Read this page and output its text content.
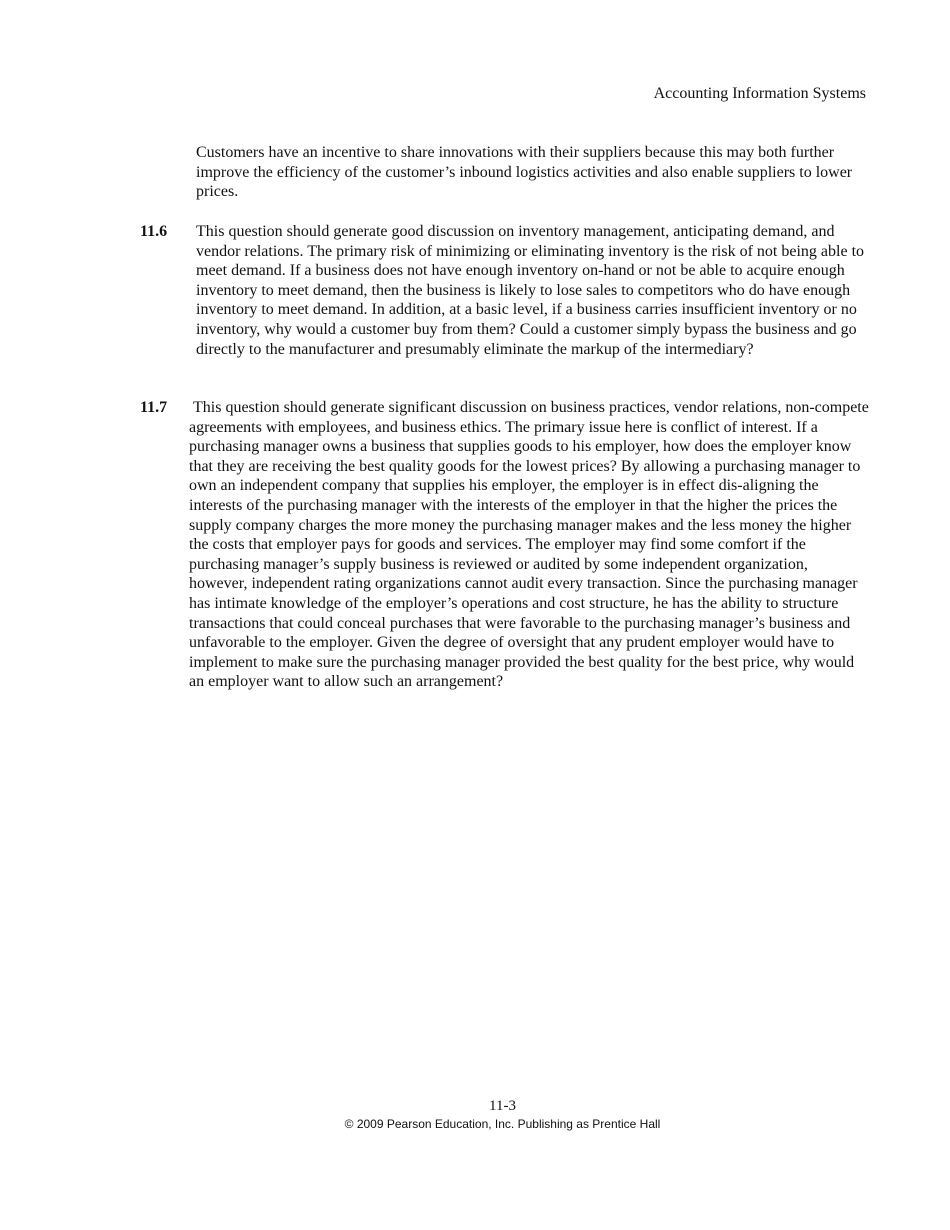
Accounting Information Systems

Customers have an incentive to share innovations with their suppliers because this may both further improve the efficiency of the customer’s inbound logistics activities and also enable suppliers to lower prices.

11.6 This question should generate good discussion on inventory management, anticipating demand, and vendor relations. The primary risk of minimizing or eliminating inventory is the risk of not being able to meet demand. If a business does not have enough inventory on-hand or not be able to acquire enough inventory to meet demand, then the business is likely to lose sales to competitors who do have enough inventory to meet demand. In addition, at a basic level, if a business carries insufficient inventory or no inventory, why would a customer buy from them? Could a customer simply bypass the business and go directly to the manufacturer and presumably eliminate the markup of the intermediary?

11.7 This question should generate significant discussion on business practices, vendor relations, non-compete agreements with employees, and business ethics. The primary issue here is conflict of interest. If a purchasing manager owns a business that supplies goods to his employer, how does the employer know that they are receiving the best quality goods for the lowest prices? By allowing a purchasing manager to own an independent company that supplies his employer, the employer is in effect dis-aligning the interests of the purchasing manager with the interests of the employer in that the higher the prices the supply company charges the more money the purchasing manager makes and the less money the higher the costs that employer pays for goods and services. The employer may find some comfort if the purchasing manager’s supply business is reviewed or audited by some independent organization, however, independent rating organizations cannot audit every transaction. Since the purchasing manager has intimate knowledge of the employer’s operations and cost structure, he has the ability to structure transactions that could conceal purchases that were favorable to the purchasing manager’s business and unfavorable to the employer. Given the degree of oversight that any prudent employer would have to implement to make sure the purchasing manager provided the best quality for the best price, why would an employer want to allow such an arrangement?

11-3
© 2009 Pearson Education, Inc. Publishing as Prentice Hall
